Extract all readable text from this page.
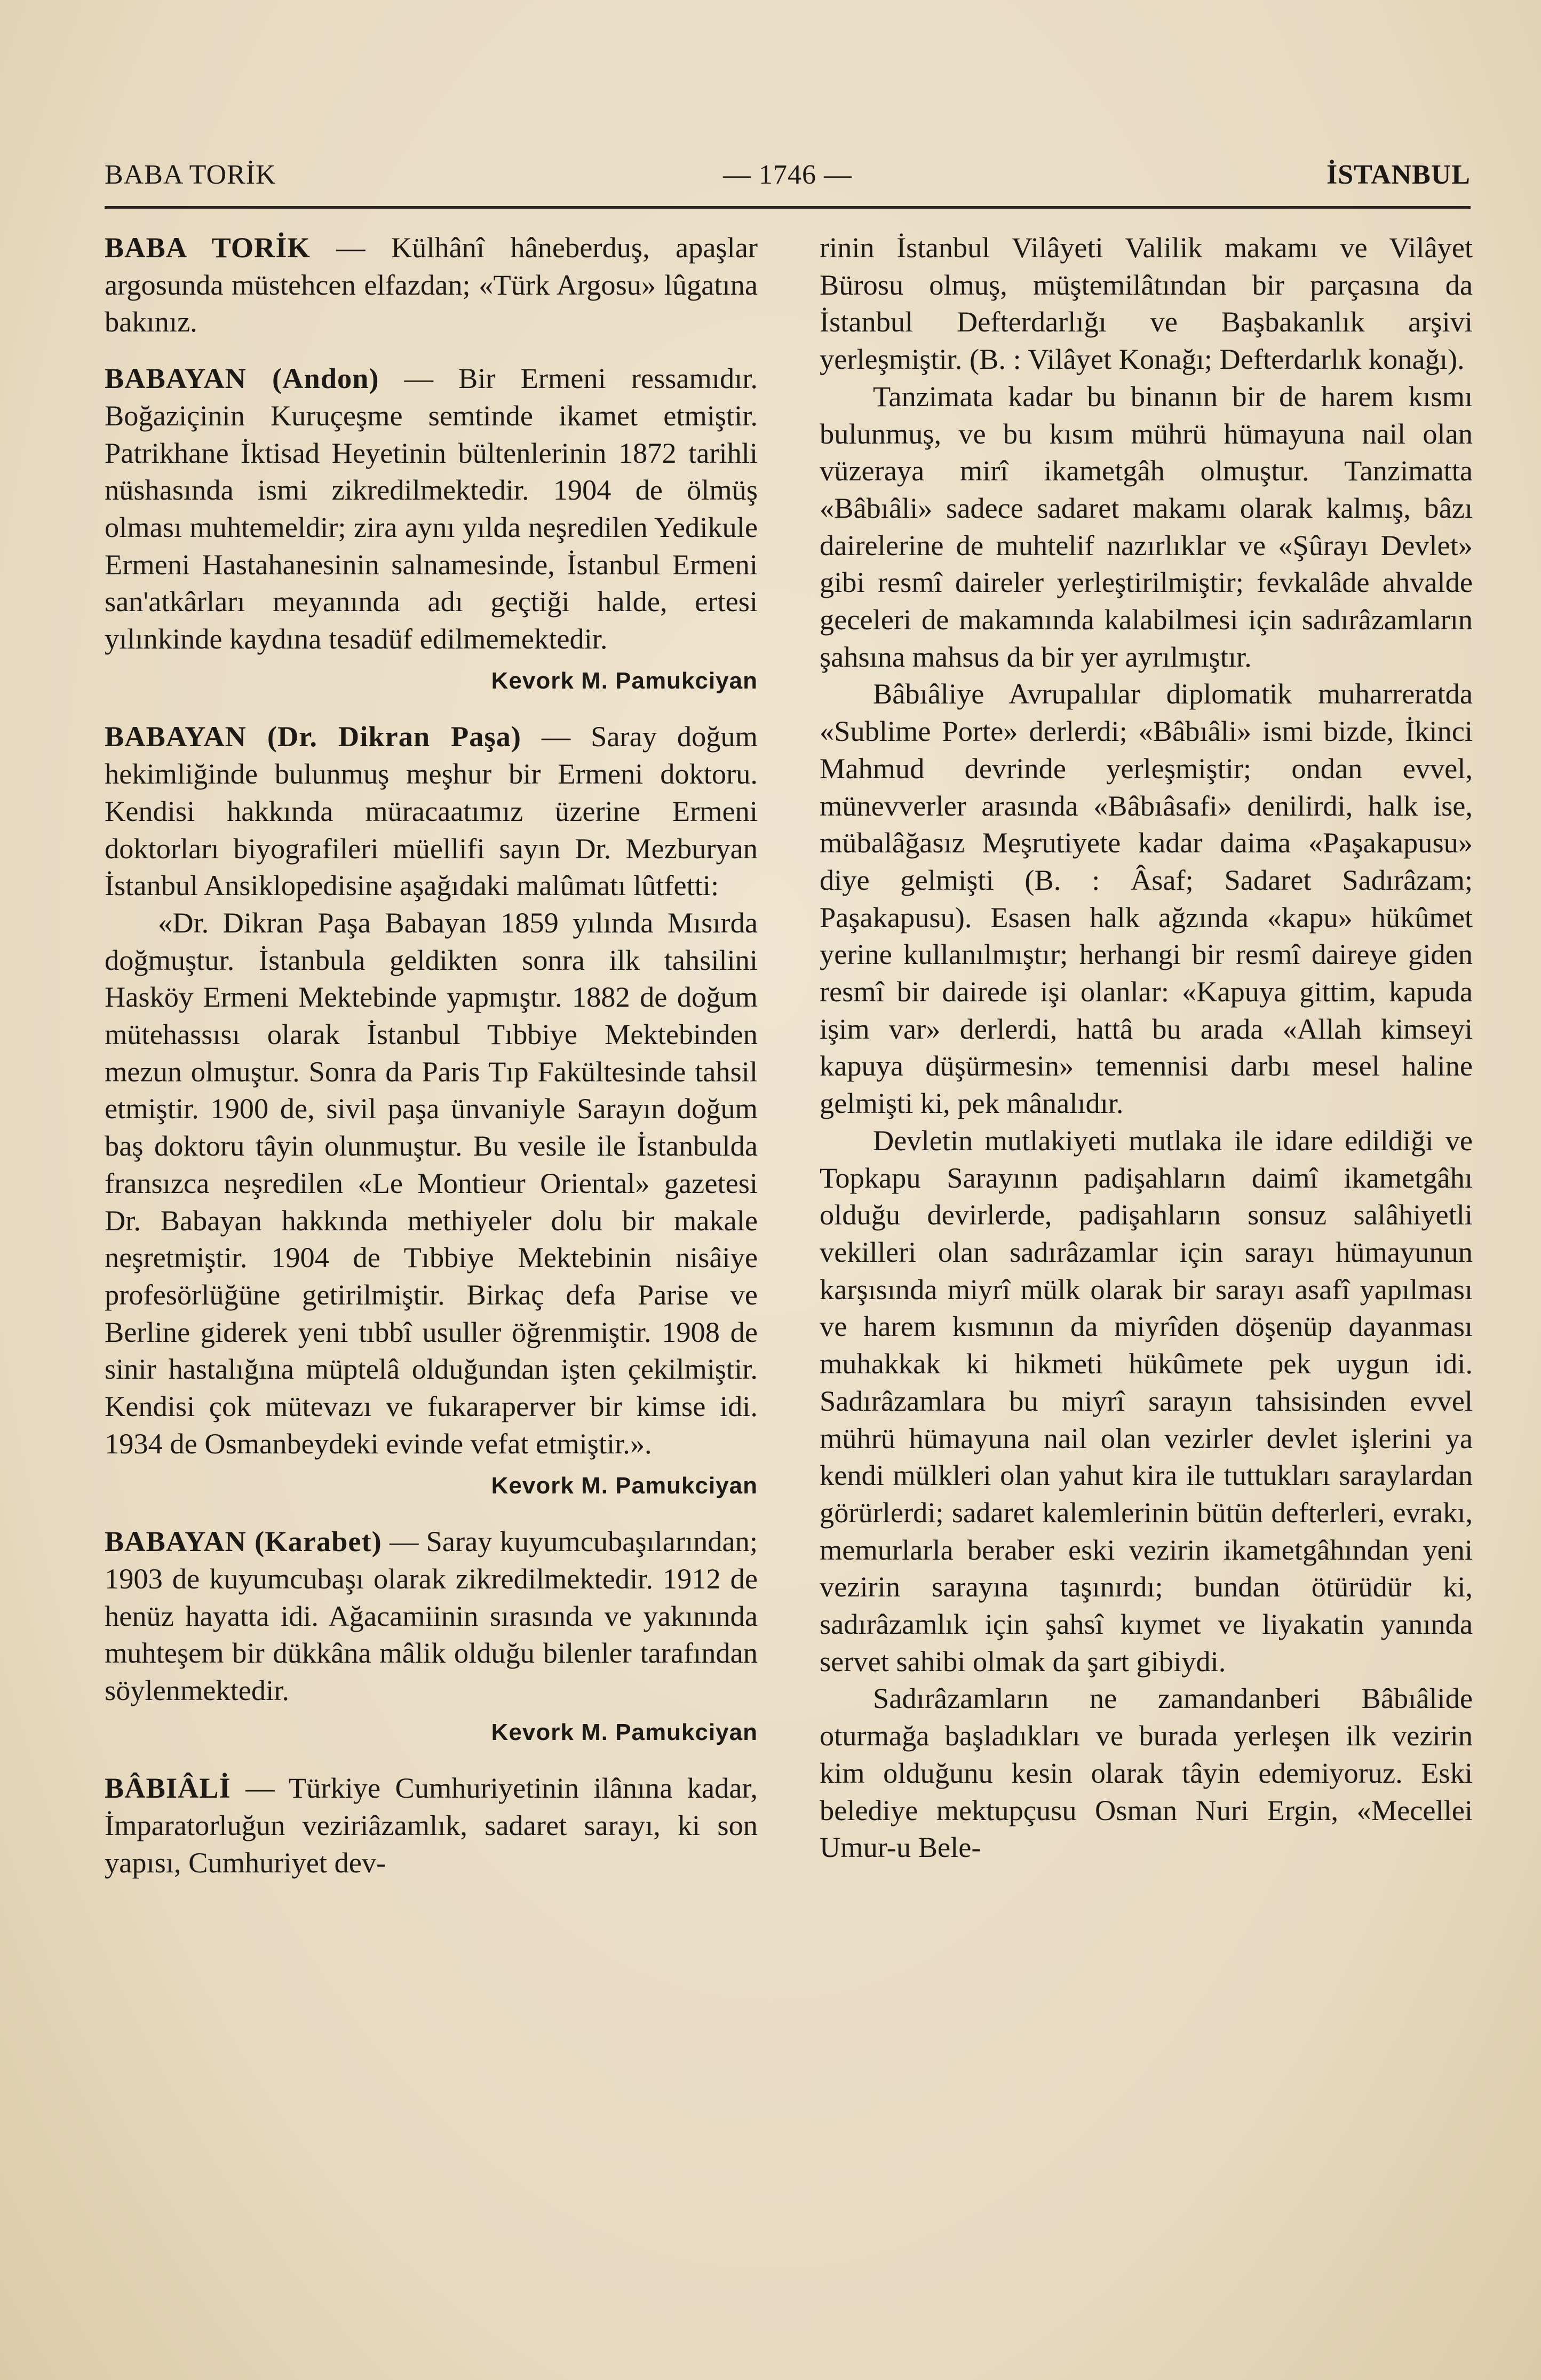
BABA TORİK	— 1746 —	İSTANBUL

BABA TORİK — Külhânî hâneberduş, apaşlar argosunda müstehcen elfazdan; «Türk Argosu» lûgatına bakınız.

BABAYAN (Andon) — Bir Ermeni ressamıdır. Boğaziçinin Kuruçeşme semtinde ikamet etmiştir. Patrikhane İktisad Heyetinin bültenlerinin 1872 tarihli nüshasında ismi zikredilmektedir. 1904 de ölmüş olması muhtemeldir; zira aynı yılda neşredilen Yedikule Ermeni Hastahanesinin salnamesinde, İstanbul Ermeni san'atkârları meyanında adı geçtiği halde, ertesi yılınkinde kaydına tesadüf edilmemektedir.

Kevork M. Pamukciyan

BABAYAN (Dr. Dikran Paşa) — Saray doğum hekimliğinde bulunmuş meşhur bir Ermeni doktoru. Kendisi hakkında müracaatımız üzerine Ermeni doktorları biyografileri müellifi sayın Dr. Mezburyan İstanbul Ansiklopedisine aşağıdaki malûmatı lûtfetti:

«Dr. Dikran Paşa Babayan 1859 yılında Mısırda doğmuştur. İstanbula geldikten sonra ilk tahsilini Hasköy Ermeni Mektebinde yapmıştır. 1882 de doğum mütehassısı olarak İstanbul Tıbbiye Mektebinden mezun olmuştur. Sonra da Paris Tıp Fakültesinde tahsil etmiştir. 1900 de, sivil paşa ünvaniyle Sarayın doğum baş doktoru tâyin olunmuştur. Bu vesile ile İstanbulda fransızca neşredilen «Le Montieur Oriental» gazetesi Dr. Babayan hakkında methiyeler dolu bir makale neşretmiştir. 1904 de Tıbbiye Mektebinin nisâiye profesörlüğüne getirilmiştir. Birkaç defa Parise ve Berline giderek yeni tıbbî usuller öğrenmiştir. 1908 de sinir hastalığına müptelâ olduğundan işten çekilmiştir. Kendisi çok mütevazı ve fukaraperver bir kimse idi. 1934 de Osmanbeydeki evinde vefat etmiştir.».

Kevork M. Pamukciyan

BABAYAN (Karabet) — Saray kuyumcubaşılarından; 1903 de kuyumcubaşı olarak zikredilmektedir. 1912 de henüz hayatta idi. Ağacamiinin sırasında ve yakınında muhteşem bir dükkâna mâlik olduğu bilenler tarafından söylenmektedir.

Kevork M. Pamukciyan

BÂBIÂLİ — Türkiye Cumhuriyetinin ilânına kadar, İmparatorluğun veziriâzamlık, sadaret sarayı, ki son yapısı, Cumhuriyet dev-

rinin İstanbul Vilâyeti Valilik makamı ve Vilâyet Bürosu olmuş, müştemilâtından bir parçasına da İstanbul Defterdarlığı ve Başbakanlık arşivi yerleşmiştir. (B. : Vilâyet Konağı; Defterdarlık konağı).

Tanzimata kadar bu binanın bir de harem kısmı bulunmuş, ve bu kısım mührü hümayuna nail olan vüzeraya mirî ikametgâh olmuştur. Tanzimatta «Bâbıâli» sadece sadaret makamı olarak kalmış, bâzı dairelerine de muhtelif nazırlıklar ve «Şûrayı Devlet» gibi resmî daireler yerleştirilmiştir; fevkalâde ahvalde geceleri de makamında kalabilmesi için sadırâzamların şahsına mahsus da bir yer ayrılmıştır.

Bâbıâliye Avrupalılar diplomatik muharreratda «Sublime Porte» derlerdi; «Bâbıâli» ismi bizde, İkinci Mahmud devrinde yerleşmiştir; ondan evvel, münevverler arasında «Bâbıâsafi» denilirdi, halk ise, mübalâğasız Meşrutiyete kadar daima «Paşakapusu» diye gelmişti (B. : Âsaf; Sadaret Sadırâzam; Paşakapusu). Esasen halk ağzında «kapu» hükûmet yerine kullanılmıştır; herhangi bir resmî daireye giden resmî bir dairede işi olanlar: «Kapuya gittim, kapuda işim var» derlerdi, hattâ bu arada «Allah kimseyi kapuya düşürmesin» temennisi darbı mesel haline gelmişti ki, pek mânalıdır.

Devletin mutlakiyeti mutlaka ile idare edildiği ve Topkapu Sarayının padişahların daimî ikametgâhı olduğu devirlerde, padişahların sonsuz salâhiyetli vekilleri olan sadırâzamlar için sarayı hümayunun karşısında miyrî mülk olarak bir sarayı asafî yapılması ve harem kısmının da miyrîden döşenüp dayanması muhakkak ki hikmeti hükûmete pek uygun idi. Sadırâzamlara bu miyrî sarayın tahsisinden evvel mührü hümayuna nail olan vezirler devlet işlerini ya kendi mülkleri olan yahut kira ile tuttukları saraylardan görürlerdi; sadaret kalemlerinin bütün defterleri, evrakı, memurlarla beraber eski vezirin ikametgâhından yeni vezirin sarayına taşınırdı; bundan ötürüdür ki, sadırâzamlık için şahsî kıymet ve liyakatin yanında servet sahibi olmak da şart gibiydi.

Sadırâzamların ne zamandanberi Bâbıâlide oturmağa başladıkları ve burada yerleşen ilk vezirin kim olduğunu kesin olarak tâyin edemiyoruz. Eski belediye mektupçusu Osman Nuri Ergin, «Mecellei Umur-u Bele-
